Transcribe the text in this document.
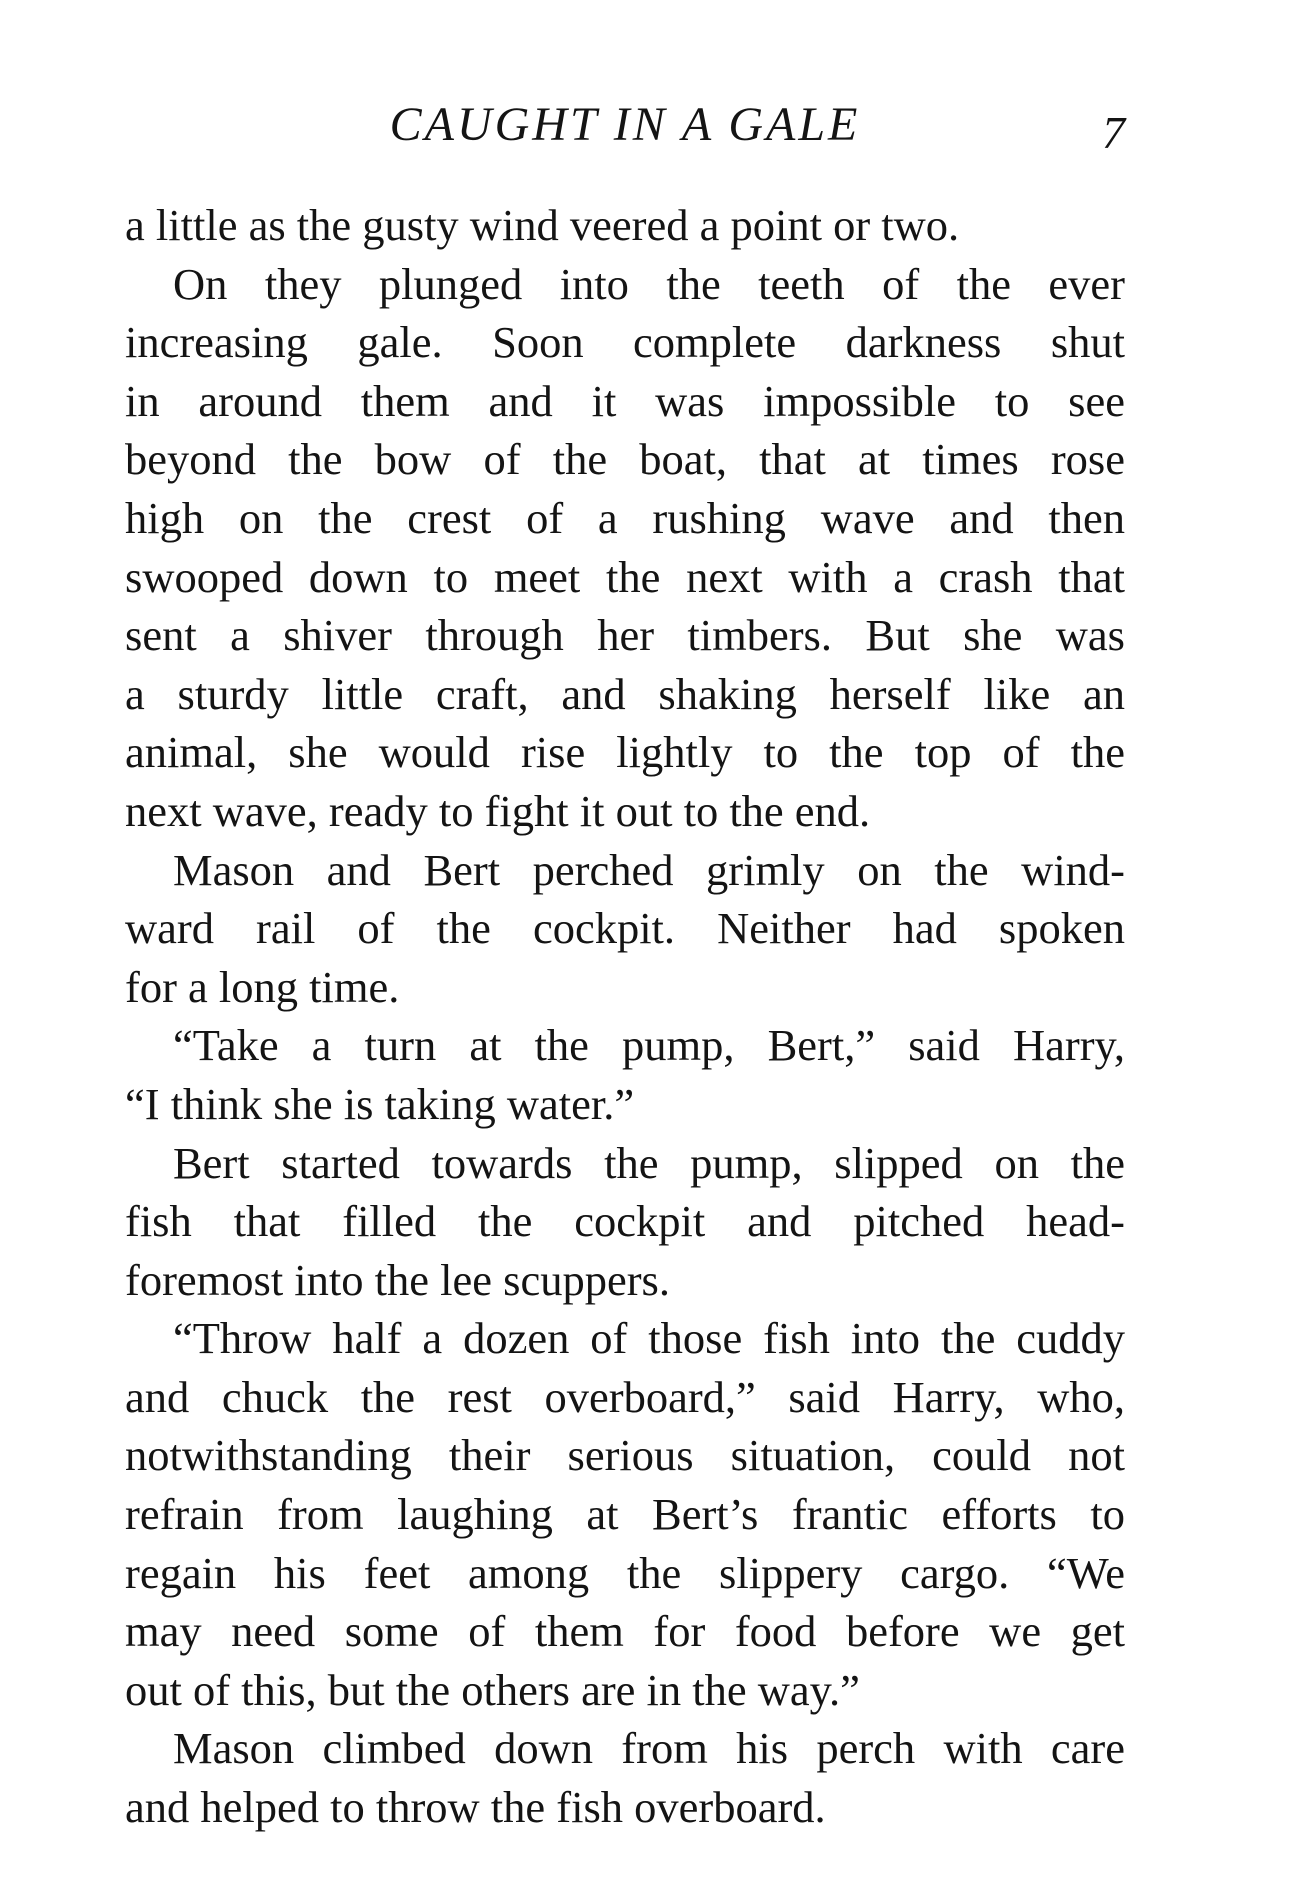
CAUGHT IN A GALE	7
a little as the gusty wind veered a point or two.
On they plunged into the teeth of the ever
increasing gale. Soon complete darkness shut
in around them and it was impossible to see
beyond the bow of the boat, that at times rose
high on the crest of a rushing wave and then
swooped down to meet the next with a crash that
sent a shiver through her timbers. But she was
a sturdy little craft, and shaking herself like an
animal, she would rise lightly to the top of the
next wave, ready to fight it out to the end.
Mason and Bert perched grimly on the wind-
ward rail of the cockpit. Neither had spoken
for a long time.
“Take a turn at the pump, Bert,” said Harry,
“I think she is taking water.”
Bert started towards the pump, slipped on the
fish that filled the cockpit and pitched head-
foremost into the lee scuppers.
“Throw half a dozen of those fish into the cuddy
and chuck the rest overboard,” said Harry, who,
notwithstanding their serious situation, could not
refrain from laughing at Bert’s frantic efforts to
regain his feet among the slippery cargo. “We
may need some of them for food before we get
out of this, but the others are in the way.”
Mason climbed down from his perch with care
and helped to throw the fish overboard.
